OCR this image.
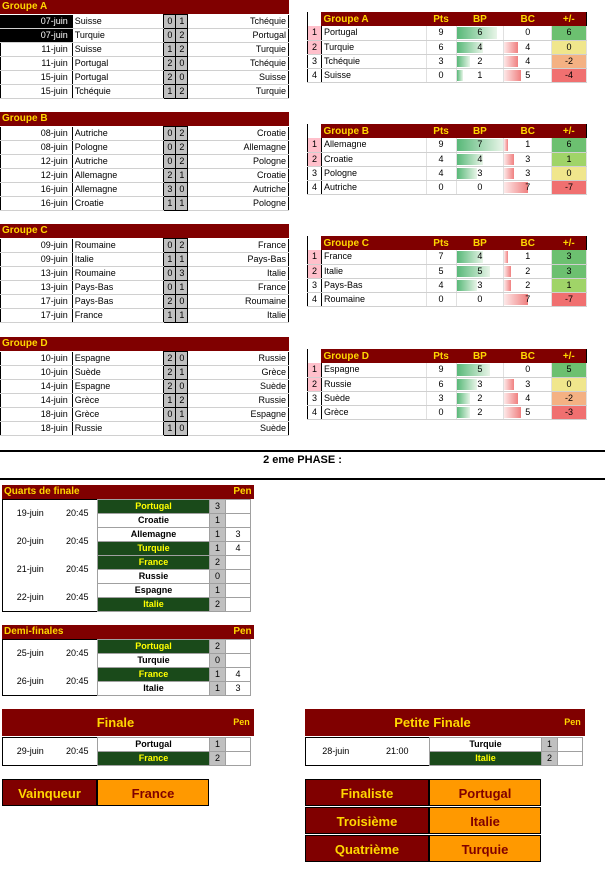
Groupe A
07-juin	Suisse	0	1	Tchéquie
07-juin	Turquie	0	2	Portugal
11-juin	Suisse	1	2	Turquie
11-juin	Portugal	2	0	Tchéquie
15-juin	Portugal	2	0	Suisse
15-juin	Tchéquie	1	2	Turquie
	Groupe A	Pts	BP	BC	+/-
1	Portugal	9	6	0	6
2	Turquie	6	4	4	0
3	Tchéquie	3	2	4	-2
4	Suisse	0	1	5	-4
Groupe B
08-juin	Autriche	0	2	Croatie
08-juin	Pologne	0	2	Allemagne
12-juin	Autriche	0	2	Pologne
12-juin	Allemagne	2	1	Croatie
16-juin	Allemagne	3	0	Autriche
16-juin	Croatie	1	1	Pologne
	Groupe B	Pts	BP	BC	+/-
1	Allemagne	9	7	1	6
2	Croatie	4	4	3	1
3	Pologne	4	3	3	0
4	Autriche	0	0	7	-7
Groupe C
09-juin	Roumaine	0	2	France
09-juin	Italie	1	1	Pays-Bas
13-juin	Roumaine	0	3	Italie
13-juin	Pays-Bas	0	1	France
17-juin	Pays-Bas	2	0	Roumaine
17-juin	France	1	1	Italie
	Groupe C	Pts	BP	BC	+/-
1	France	7	4	1	3
2	Italie	5	5	2	3
3	Pays-Bas	4	3	2	1
4	Roumaine	0	0	7	-7
Groupe D
10-juin	Espagne	2	0	Russie
10-juin	Suède	2	1	Grèce
14-juin	Espagne	2	0	Suède
14-juin	Grèce	1	2	Russie
18-juin	Grèce	0	1	Espagne
18-juin	Russie	1	0	Suède
	Groupe D	Pts	BP	BC	+/-
1	Espagne	9	5	0	5
2	Russie	6	3	3	0
3	Suède	3	2	4	-2
4	Grèce	0	2	5	-3
2 eme PHASE :
Quarts de finale	Pen
19-juin	20:45	Portugal	3	
		Croatie	1	
20-juin	20:45	Allemagne	1	3
		Turquie	1	4
21-juin	20:45	France	2	
		Russie	0	
22-juin	20:45	Espagne	1	
		Italie	2	
Demi-finales	Pen
25-juin	20:45	Portugal	2	
		Turquie	0	
26-juin	20:45	France	1	4
		Italie	1	3
Finale	Pen
29-juin	20:45	Portugal	1	
		France	2	
Petite Finale	Pen
28-juin	21:00	Turquie	1	
		Italie	2	
Vainqueur	France	Finaliste	Portugal
Troisième	Italie
Quatrième	Turquie
